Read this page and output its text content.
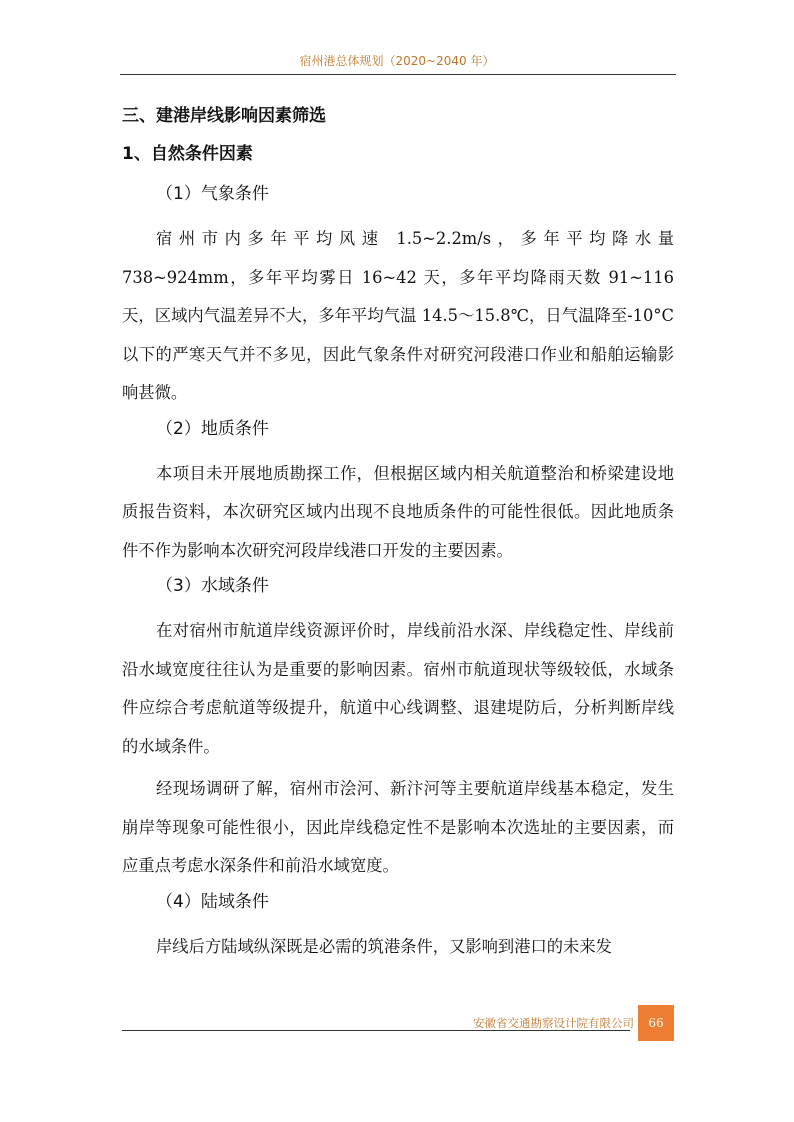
宿州港总体规划（2020~2040 年）

三、建港岸线影响因素筛选

1、自然条件因素

（1）气象条件

宿州市内多年平均风速 1.5~2.2m/s，多年平均降水量 738~924mm，多年平均雾日 16~42 天，多年平均降雨天数 91~116 天，区域内气温差异不大，多年平均气温 14.5～15.8℃，日气温降至-10°C 以下的严寒天气并不多见，因此气象条件对研究河段港口作业和船舶运输影响甚微。

（2）地质条件

本项目未开展地质勘探工作，但根据区域内相关航道整治和桥梁建设地质报告资料，本次研究区域内出现不良地质条件的可能性很低。因此地质条件不作为影响本次研究河段岸线港口开发的主要因素。

（3）水域条件

在对宿州市航道岸线资源评价时，岸线前沿水深、岸线稳定性、岸线前沿水域宽度往往认为是重要的影响因素。宿州市航道现状等级较低，水域条件应综合考虑航道等级提升，航道中心线调整、退建堤防后，分析判断岸线的水域条件。

经现场调研了解，宿州市浍河、新汴河等主要航道岸线基本稳定，发生崩岸等现象可能性很小，因此岸线稳定性不是影响本次选址的主要因素，而应重点考虑水深条件和前沿水域宽度。

（4）陆域条件

岸线后方陆域纵深既是必需的筑港条件，又影响到港口的未来发

安徽省交通勘察设计院有限公司	66
